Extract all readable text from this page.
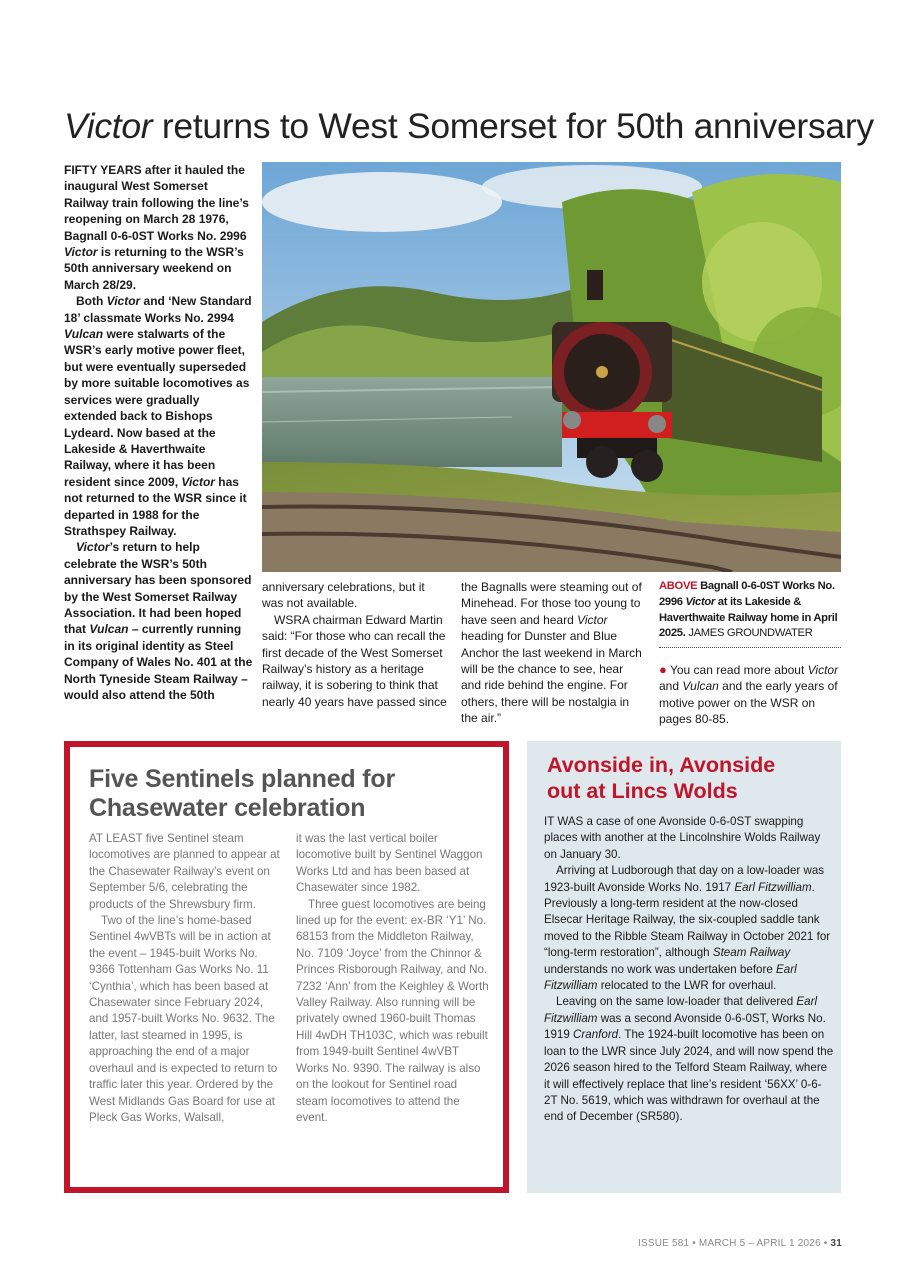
Victor returns to West Somerset for 50th anniversary

FIFTY YEARS after it hauled the inaugural West Somerset Railway train following the line’s reopening on March 28 1976, Bagnall 0-6-0ST Works No. 2996 Victor is returning to the WSR’s 50th anniversary weekend on March 28/29.

Both Victor and ‘New Standard 18’ classmate Works No. 2994 Vulcan were stalwarts of the WSR’s early motive power fleet, but were eventually superseded by more suitable locomotives as services were gradually extended back to Bishops Lydeard. Now based at the Lakeside & Haverthwaite Railway, where it has been resident since 2009, Victor has not returned to the WSR since it departed in 1988 for the Strathspey Railway.

Victor’s return to help celebrate the WSR’s 50th anniversary has been sponsored by the West Somerset Railway Association. It had been hoped that Vulcan – currently running in its original identity as Steel Company of Wales No. 401 at the North Tyneside Steam Railway – would also attend the 50th

anniversary celebrations, but it was not available.

WSRA chairman Edward Martin said: “For those who can recall the first decade of the West Somerset Railway’s history as a heritage railway, it is sobering to think that nearly 40 years have passed since

the Bagnalls were steaming out of Minehead. For those too young to have seen and heard Victor heading for Dunster and Blue Anchor the last weekend in March will be the chance to see, hear and ride behind the engine. For others, there will be nostalgia in the air.”

ABOVE Bagnall 0-6-0ST Works No. 2996 Victor at its Lakeside & Haverthwaite Railway home in April 2025. JAMES GROUNDWATER
● You can read more about Victor and Vulcan and the early years of motive power on the WSR on pages 80-85.
Five Sentinels planned for Chasewater celebration

AT LEAST five Sentinel steam locomotives are planned to appear at the Chasewater Railway’s event on September 5/6, celebrating the products of the Shrewsbury firm.

Two of the line’s home-based Sentinel 4wVBTs will be in action at the event – 1945-built Works No. 9366 Tottenham Gas Works No. 11 ‘Cynthia’, which has been based at Chasewater since February 2024, and 1957-built Works No. 9632. The latter, last steamed in 1995, is approaching the end of a major overhaul and is expected to return to traffic later this year. Ordered by the West Midlands Gas Board for use at Pleck Gas Works, Walsall,

it was the last vertical boiler locomotive built by Sentinel Waggon Works Ltd and has been based at Chasewater since 1982.

Three guest locomotives are being lined up for the event: ex-BR ‘Y1’ No. 68153 from the Middleton Railway, No. 7109 ‘Joyce’ from the Chinnor & Princes Risborough Railway, and No. 7232 ‘Ann’ from the Keighley & Worth Valley Railway. Also running will be privately owned 1960-built Thomas Hill 4wDH TH103C, which was rebuilt from 1949-built Sentinel 4wVBT Works No. 9390. The railway is also on the lookout for Sentinel road steam locomotives to attend the event.

Avonside in, Avonside out at Lincs Wolds

IT WAS a case of one Avonside 0-6-0ST swapping places with another at the Lincolnshire Wolds Railway on January 30.

Arriving at Ludborough that day on a low-loader was 1923-built Avonside Works No. 1917 Earl Fitzwilliam. Previously a long-term resident at the now-closed Elsecar Heritage Railway, the six-coupled saddle tank moved to the Ribble Steam Railway in October 2021 for “long-term restoration”, although Steam Railway understands no work was undertaken before Earl Fitzwilliam relocated to the LWR for overhaul.

Leaving on the same low-loader that delivered Earl Fitzwilliam was a second Avonside 0-6-0ST, Works No. 1919 Cranford. The 1924-built locomotive has been on loan to the LWR since July 2024, and will now spend the 2026 season hired to the Telford Steam Railway, where it will effectively replace that line’s resident ‘56XX’ 0-6-2T No. 5619, which was withdrawn for overhaul at the end of December (SR580).

ISSUE 581 • MARCH 5 – APRIL 1 2026 • 31
